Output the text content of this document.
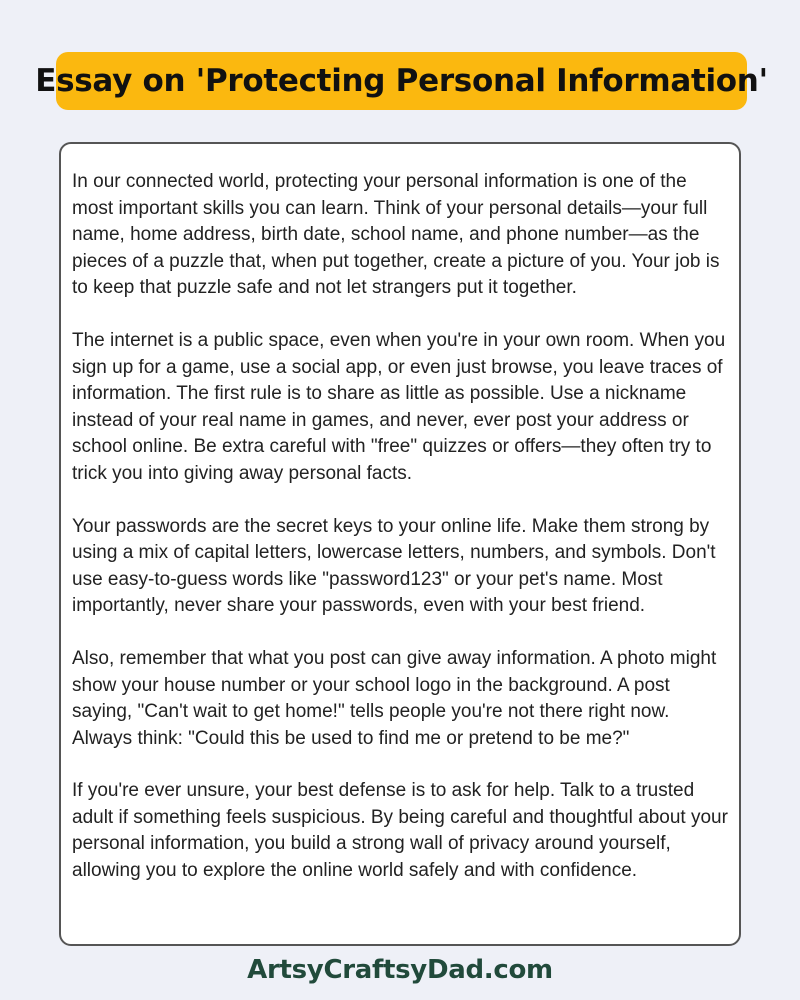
Essay on 'Protecting Personal Information'

In our connected world, protecting your personal information is one of the most important skills you can learn. Think of your personal details—your full name, home address, birth date, school name, and phone number—as the pieces of a puzzle that, when put together, create a picture of you. Your job is to keep that puzzle safe and not let strangers put it together.

The internet is a public space, even when you're in your own room. When you sign up for a game, use a social app, or even just browse, you leave traces of information. The first rule is to share as little as possible. Use a nickname instead of your real name in games, and never, ever post your address or school online. Be extra careful with "free" quizzes or offers—they often try to trick you into giving away personal facts.

Your passwords are the secret keys to your online life. Make them strong by using a mix of capital letters, lowercase letters, numbers, and symbols. Don't use easy-to-guess words like "password123" or your pet's name. Most importantly, never share your passwords, even with your best friend.

Also, remember that what you post can give away information. A photo might show your house number or your school logo in the background. A post saying, "Can't wait to get home!" tells people you're not there right now. Always think: "Could this be used to find me or pretend to be me?"

If you're ever unsure, your best defense is to ask for help. Talk to a trusted adult if something feels suspicious. By being careful and thoughtful about your personal information, you build a strong wall of privacy around yourself, allowing you to explore the online world safely and with confidence.

ArtsyCraftsyDad.com
